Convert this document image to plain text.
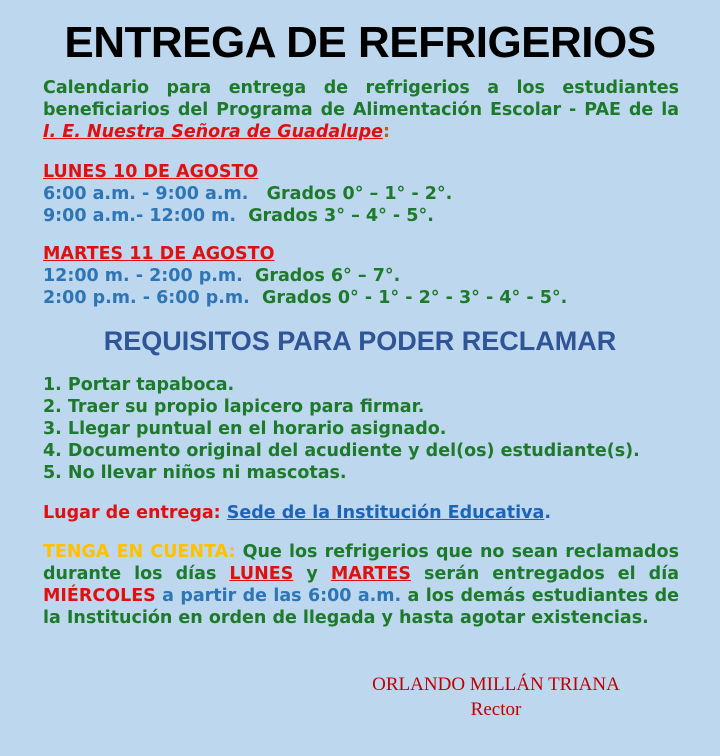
ENTREGA DE REFRIGERIOS
Calendario para entrega de refrigerios a los estudiantes beneficiarios del Programa de Alimentación Escolar - PAE de la I. E. Nuestra Señora de Guadalupe:
LUNES 10 DE AGOSTO
6:00 a.m. - 9:00 a.m. Grados 0° – 1° - 2°.
9:00 a.m.- 12:00 m. Grados 3° – 4° - 5°.
MARTES 11 DE AGOSTO
12:00 m. - 2:00 p.m. Grados 6° – 7°.
2:00 p.m. - 6:00 p.m. Grados 0° - 1° - 2° - 3° - 4° - 5°.
REQUISITOS PARA PODER RECLAMAR
1. Portar tapaboca.
2. Traer su propio lapicero para firmar.
3. Llegar puntual en el horario asignado.
4. Documento original del acudiente y del(os) estudiante(s).
5. No llevar niños ni mascotas.
Lugar de entrega: Sede de la Institución Educativa.
TENGA EN CUENTA: Que los refrigerios que no sean reclamados durante los días LUNES y MARTES serán entregados el día MIÉRCOLES a partir de las 6:00 a.m. a los demás estudiantes de la Institución en orden de llegada y hasta agotar existencias.
ORLANDO MILLÁN TRIANA
Rector
